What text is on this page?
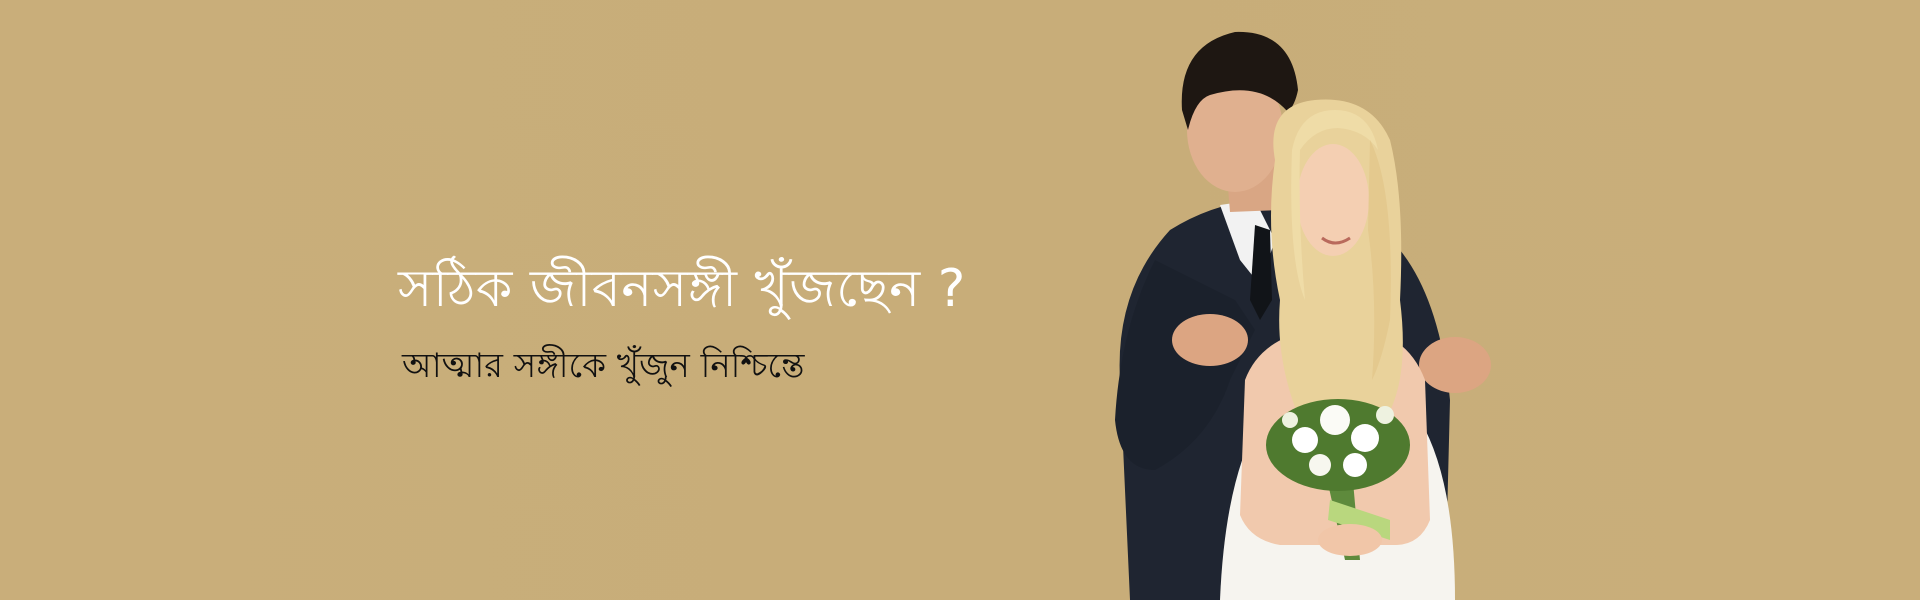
সঠিক জীবনসঙ্গী খুঁজছেন ?

আত্মার সঙ্গীকে খুঁজুন নিশ্চিন্তে
